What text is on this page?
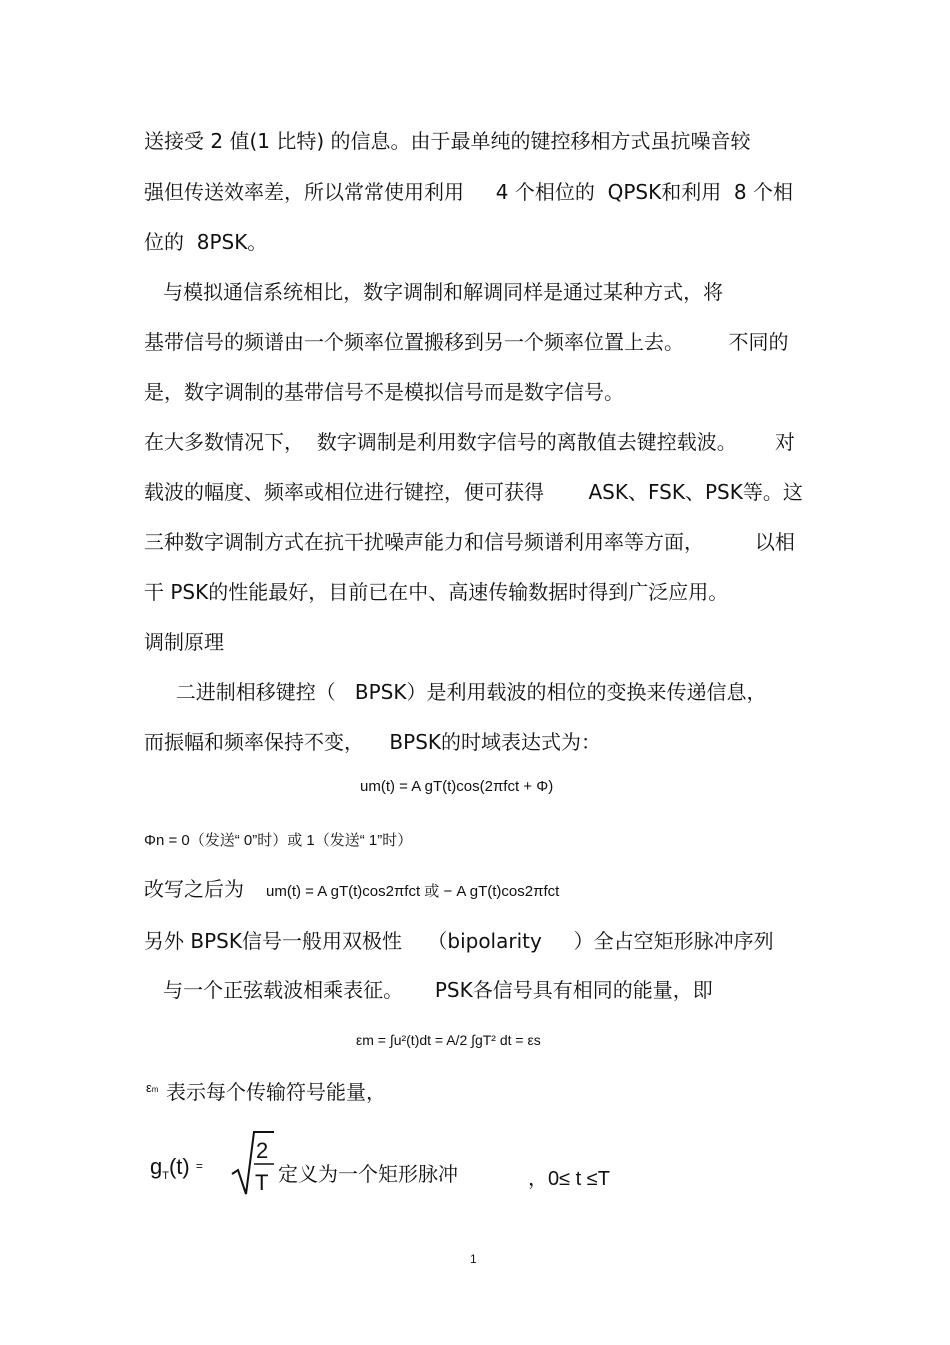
送接受 2 值(1 比特) 的信息。由于最单纯的键控移相方式虽抗噪音较
强但传送效率差，所以常常使用利用     4 个相位的  QPSK和利用  8 个相
位的  8PSK。
与模拟通信系统相比，数字调制和解调同样是通过某种方式，将
基带信号的频谱由一个频率位置搬移到另一个频率位置上去。       不同的
是，数字调制的基带信号不是模拟信号而是数字信号。
在大多数情况下，  数字调制是利用数字信号的离散值去键控载波。      对
载波的幅度、频率或相位进行键控，便可获得       ASK、FSK、PSK等。这
三种数字调制方式在抗干扰噪声能力和信号频谱利用率等方面，        以相
干 PSK的性能最好，目前已在中、高速传输数据时得到广泛应用。
调制原理
二进制相移键控（   BPSK）是利用载波的相位的变换来传递信息，
而振幅和频率保持不变，    BPSK的时域表达式为：
um(t) = A gT(t)cos(2πfct + Φ)
Φn = 0（发送“ 0”时）或 1（发送“ 1”时）
改写之后为 um(t) = A gT(t)cos2πfct 或 − A gT(t)cos2πfct
另外 BPSK信号一般用双极性    （bipolarity     ）全占空矩形脉冲序列
与一个正弦载波相乘表征。     PSK各信号具有相同的能量，即

εm = ∫u²(t)dt = A/2 ∫gT² dt = εs

εm 表示每个传输符号能量，
$g_T(t)$ =
2
T 定义为一个矩形脉冲	，0≤ t ≤T
1
